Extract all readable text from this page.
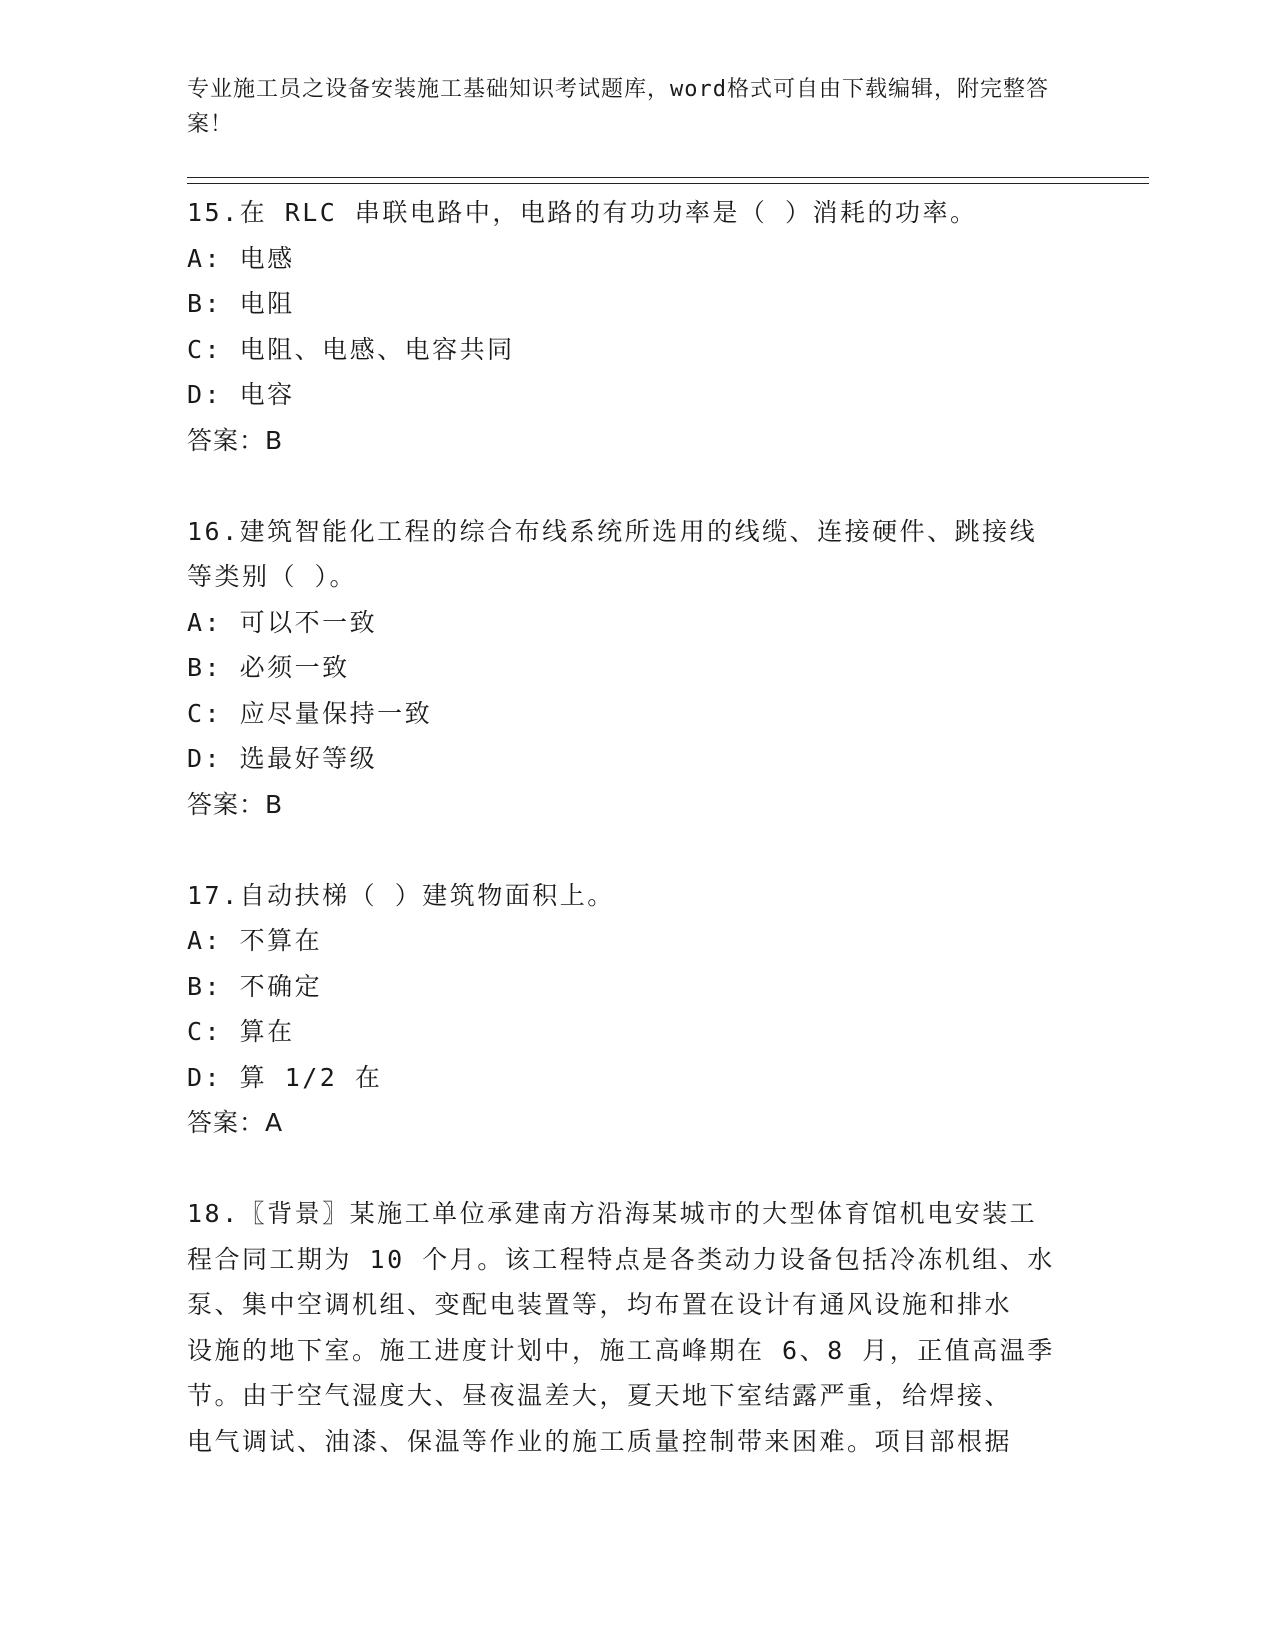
专业施工员之设备安装施工基础知识考试题库，word格式可自由下载编辑，附完整答案！
15.在 RLC 串联电路中，电路的有功功率是（ ）消耗的功率。
A: 电感
B: 电阻
C: 电阻、电感、电容共同
D: 电容
答案：B
16.建筑智能化工程的综合布线系统所选用的线缆、连接硬件、跳接线
等类别（ ）。
A: 可以不一致
B: 必须一致
C: 应尽量保持一致
D: 选最好等级
答案：B
17.自动扶梯（ ）建筑物面积上。
A: 不算在
B: 不确定
C: 算在
D: 算 1/2 在
答案：A
18.〖背景〗某施工单位承建南方沿海某城市的大型体育馆机电安装工
程合同工期为 10 个月。该工程特点是各类动力设备包括冷冻机组、水
泵、集中空调机组、变配电装置等，均布置在设计有通风设施和排水
设施的地下室。施工进度计划中，施工高峰期在 6、8 月，正值高温季
节。由于空气湿度大、昼夜温差大，夏天地下室结露严重，给焊接、
电气调试、油漆、保温等作业的施工质量控制带来困难。项目部根据
